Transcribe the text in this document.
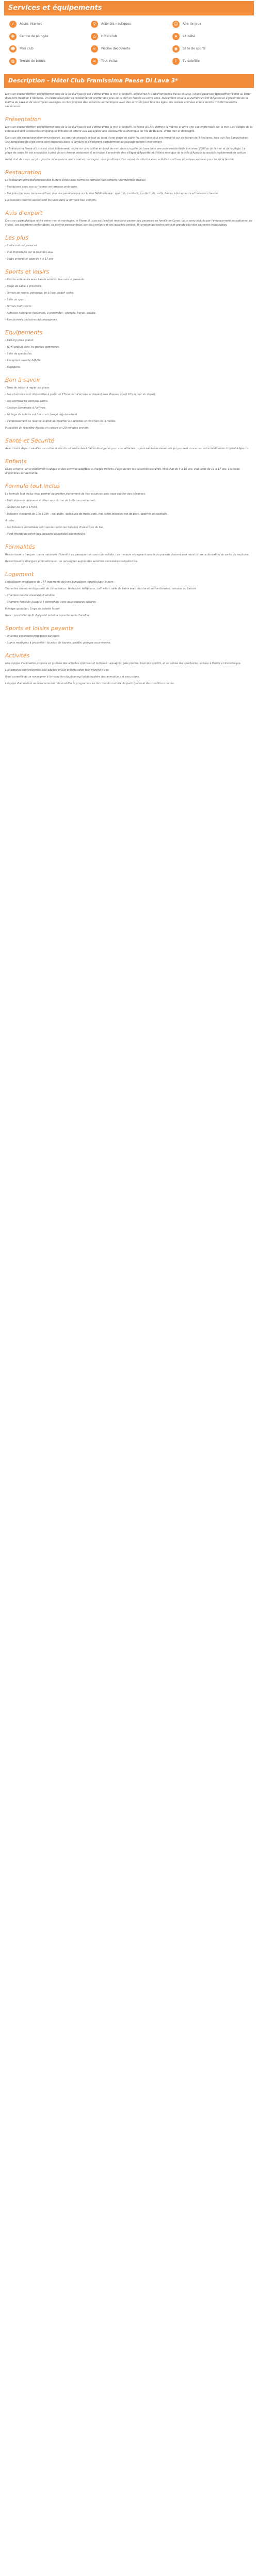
Services et équipements
✓	Accès Internet	⚲	Activités nautiques	☺	Aire de jeux
✚	Centre de plongée	⌂	Hôtel club	★	Lit bébé
☻	Mini club	≈	Piscine découverte	◉	Salle de sports
◍	Terrain de tennis	∞	Tout inclus	⌇	Tv satellite
Description - Hôtel Club Framissima Paese Di Lava 3*

Dans un environnement exceptionnel près de la baie d'Ajaccio qui s'étend entre la mer et le golfe, découvrez le Club Framissima Paese di Lava, village-vacances typiquement corse au cœur d'un parc fleuri de 9 hectares. Un cadre idéal pour se ressourcer et profiter des joies de la mer en famille ou entre amis. Idéalement situé à seulement 20 km d'Ajaccio et à proximité de la Marina de Lava et de ses criques sauvages, le club propose des vacances authentiques avec des activités pour tous les âges, des soirées animées et une cuisine méditerranéenne savoureuse.

Présentation

Dans un environnement exceptionnel près de la baie d'Ajaccio qui s'étend entre la mer et le golfe, le Paese di Lava domine la marina et offre une vue imprenable sur la mer. Les villages de la côte ouest sont accessibles en quelques minutes et offrent aux voyageurs une découverte authentique de l'île de Beauté, entre mer et montagne.

Dans un site exceptionnellement préservé, au cœur du maquis et tout au bord d'une plage de sable fin, cet hôtel club est implanté sur un terrain de 9 hectares, face aux îles Sanguinaires. Ses bungalows de style corse sont dispersés dans la verdure et s'intègrent parfaitement au paysage naturel environnant.

Le Framissima Paese di Lava est situé idéalement, niché sur une colline en bord de mer, dans un golfe de Lava dans une zone résidentielle à environ 2000 m de la mer et de la plage. La plage de sable fin est accessible à pied via un chemin piétonnier. Il se trouve à proximité des villages d'Appietto et d'Alata ainsi que de la ville d'Ajaccio accessible rapidement en voiture.

Hotel club de cœur, au plus proche de la nature, entre mer et montagne, vous profiterez d'un séjour de détente avec activités sportives et soirées animées pour toute la famille.

Restauration

Le restaurant principal propose des buffets variés sous forme de formule tout compris (voir rubrique dédiée).

- Restaurant avec vue sur la mer en terrasse ombragée.

- Bar principal avec terrasse offrant une vue panoramique sur la mer Méditerranée : apéritifs, cocktails, jus de fruits, softs, bières, vins au verre et boissons chaudes.

Les boissons servies au bar sont incluses dans la formule tout compris.

Avis d'expert

Dans ce cadre idyllique niché entre mer et montagne, le Paese di Lava est l'endroit rêvé pour passer des vacances en famille en Corse. Vous serez séduits par l'emplacement exceptionnel de l'hôtel, ses chambres confortables, sa piscine panoramique, son club enfants et ses activités variées. Un endroit qui ravira petits et grands pour des souvenirs inoubliables.

Les plus

- Cadre naturel préservé

- Vue imprenable sur la baie de Lava

- Clubs enfants et ados de 4 à 17 ans

Sports et loisirs

- Piscine extérieure avec bassin enfants, transats et parasols.

- Plage de sable à proximité.

- Terrain de tennis, pétanque, tir à l'arc, beach-volley.

- Salle de sport.

- Terrain multisports.

- Activités nautiques (payantes, à proximité) : plongée, kayak, paddle.

- Randonnées pédestres accompagnées.

Equipements

- Parking privé gratuit.

- Wi-Fi gratuit dans les parties communes.

- Salle de spectacles.

- Réception ouverte 24h/24.

- Bagagerie.

Bon à savoir

- Taxe de séjour à régler sur place.

- Les chambres sont disponibles à partir de 17h le jour d'arrivée et doivent être libérées avant 10h le jour du départ.

- Les animaux ne sont pas admis.

- Caution demandée à l'arrivée.

- Le linge de toilette est fourni et changé régulièrement.

- L'établissement se réserve le droit de modifier les activités en fonction de la météo.

Possibilité de rejoindre Ajaccio en voiture en 20 minutes environ.

Santé et Sécurité

Avant votre départ, veuillez consulter le site du ministère des Affaires étrangères pour connaître les risques sanitaires éventuels qui peuvent concerner votre destination. Hôpital à Ajaccio.

Enfants

Clubs enfants : un encadrement ludique et des activités adaptées à chaque tranche d'âge durant les vacances scolaires. Mini club de 4 à 10 ans, club ados de 11 à 17 ans. Lits bébé disponibles sur demande.

Formule tout inclus

La formule tout inclus vous permet de profiter pleinement de vos vacances sans vous soucier des dépenses.

- Petit déjeuner, déjeuner et dîner sous forme de buffet au restaurant.

- Goûter de 16h à 17h30.

- Boissons à volonté de 10h à 23h : eau plate, sodas, jus de fruits, café, thé, bière pression, vin de pays, apéritifs et cocktails.

A noter :

- Les boissons alcoolisées sont servies selon les horaires d'ouverture du bar.

- Il est interdit de servir des boissons alcoolisées aux mineurs.

Formalités

Ressortissants français : carte nationale d'identité ou passeport en cours de validité. Les mineurs voyageant sans leurs parents doivent être munis d'une autorisation de sortie du territoire.

Ressortissants étrangers et binationaux : se renseigner auprès des autorités consulaires compétentes.

Logement

L'établissement dispose de 147 logements de type bungalows répartis dans le parc.

Toutes les chambres disposent de climatisation, télévision, téléphone, coffre-fort, salle de bains avec douche et sèche-cheveux, terrasse ou balcon.

- Chambre double standard (2 adultes).

- Chambre familiale (jusqu'à 4 personnes) avec deux espaces séparés.

Ménage quotidien. Linge de toilette fourni.

Note : possibilité de lit d'appoint selon la capacité de la chambre.

Sports et loisirs payants

- Diverses excursions proposées sur place.

- Sports nautiques à proximité : location de kayaks, paddle, plongée sous-marine.

Activités

Une équipe d'animation propose en journée des activités sportives et ludiques : aquagym, jeux piscine, tournois sportifs, et en soirée des spectacles, soirées à thème et discothèque.

Les activités sont réservées aux adultes et aux enfants selon leur tranche d'âge.

Il est conseillé de se renseigner à la réception du planning hebdomadaire des animations et excursions.

L'équipe d'animation se réserve le droit de modifier le programme en fonction du nombre de participants et des conditions météo.
